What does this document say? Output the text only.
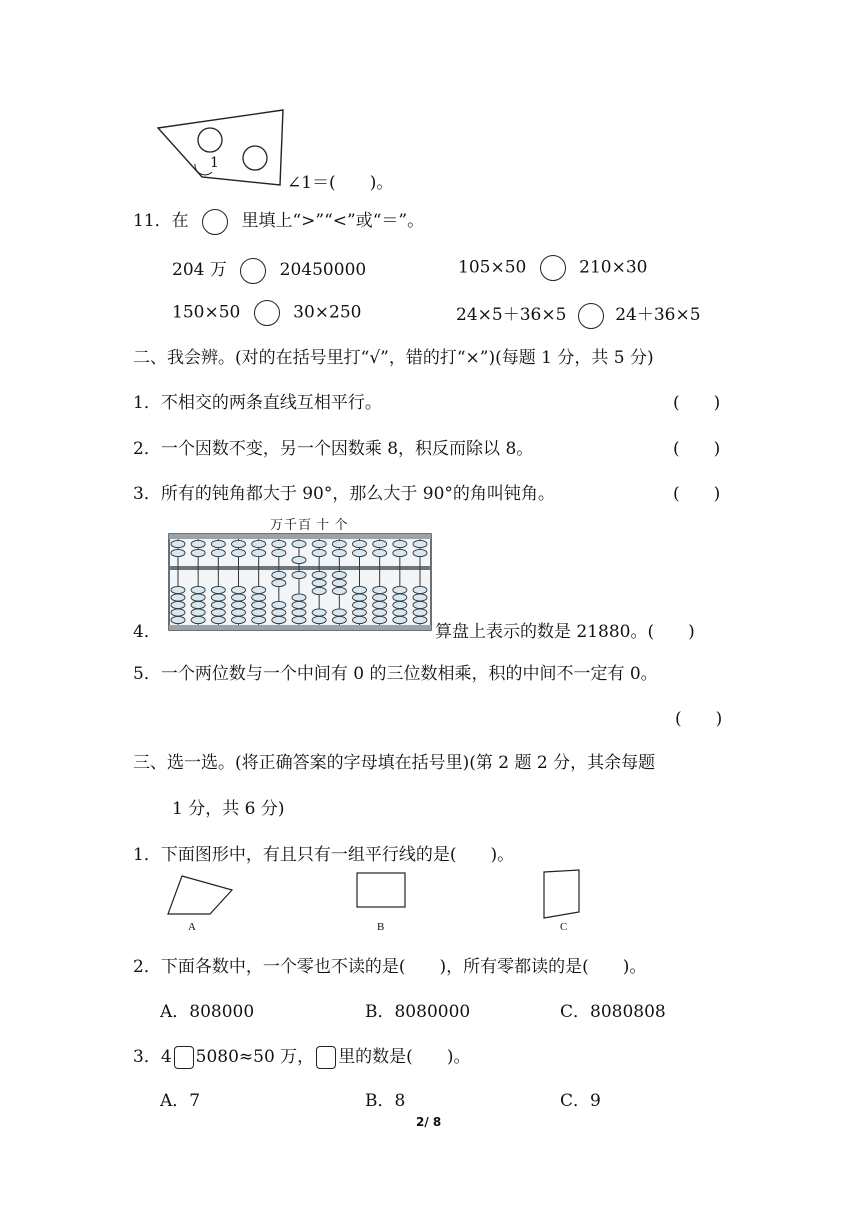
1
∠1＝(　　)。
11．在	里填上“>”“<”或“＝”。
204 万	20450000	105×50	210×30
150×50	30×250	24×5＋36×5	24＋36×5
二、我会辨。(对的在括号里打“√”，错的打“×”)(每题 1 分，共 5 分)
1．不相交的两条直线互相平行。	(　　)
2．一个因数不变，另一个因数乘 8，积反而除以 8。	(　　)
3．所有的钝角都大于 90°，那么大于 90°的角叫钝角。	(　　)
万千百 十 个
4．	算盘上表示的数是 21880。(　　)
5．一个两位数与一个中间有 0 的三位数相乘，积的中间不一定有 0。
(　　)
三、选一选。(将正确答案的字母填在括号里)(第 2 题 2 分，其余每题
1 分，共 6 分)
1．下面图形中，有且只有一组平行线的是(　　)。
A	B	C
2．下面各数中，一个零也不读的是(　　)，所有零都读的是(　　)。
A．808000	B．8080000	C．8080808
3．4 5080≈50 万， 里的数是(　　)。
A．7	B．8	C．9
2/ 8
